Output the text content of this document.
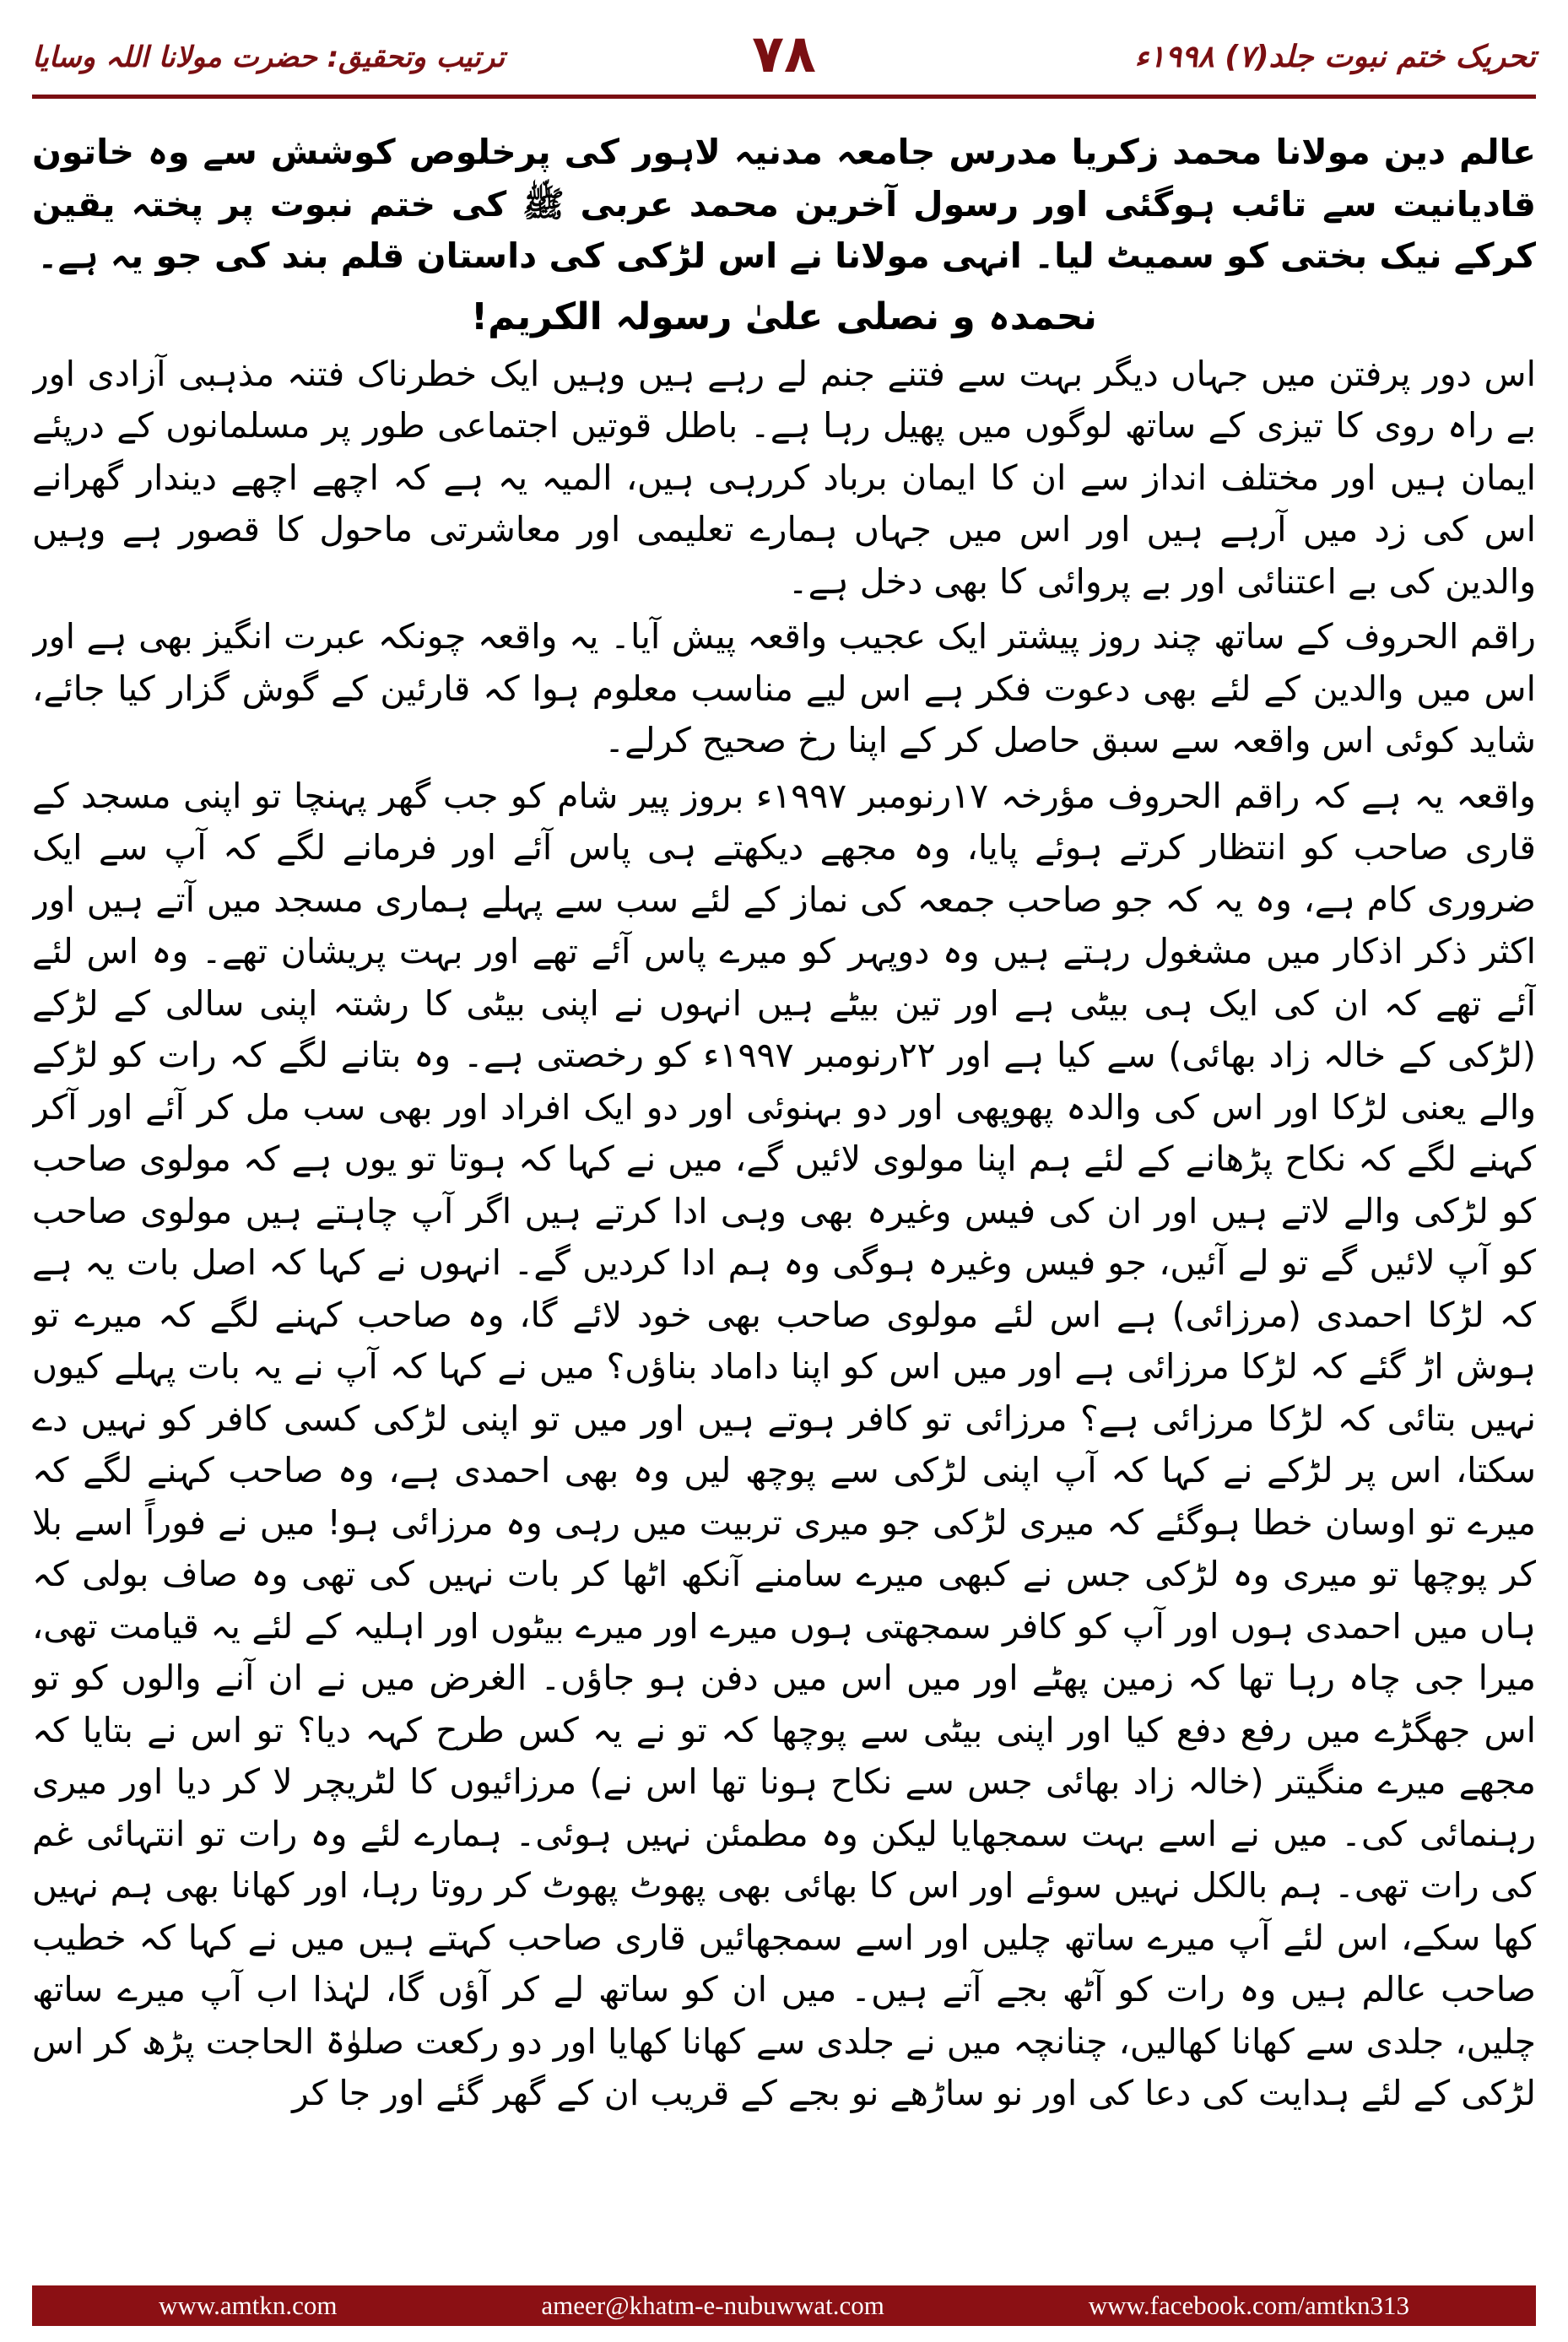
ترتیب وتحقیق: حضرت مولانا اللہ وسایا	۷۸	تحریک ختم نبوت جلد(۷) ۱۹۹۸ء

عالم دین مولانا محمد زکریا مدرس جامعہ مدنیہ لاہور کی پرخلوص کوشش سے وہ خاتون قادیانیت سے تائب ہوگئی اور رسول آخرین محمد عربی ﷺ کی ختم نبوت پر پختہ یقین کرکے نیک بختی کو سمیٹ لیا۔ انہی مولانا نے اس لڑکی کی داستان قلم بند کی جو یہ ہے۔

نحمدہ و نصلی علیٰ رسولہ الکریم!

اس دور پرفتن میں جہاں دیگر بہت سے فتنے جنم لے رہے ہیں وہیں ایک خطرناک فتنہ مذہبی آزادی اور بے راہ روی کا تیزی کے ساتھ لوگوں میں پھیل رہا ہے۔ باطل قوتیں اجتماعی طور پر مسلمانوں کے درپئے ایمان ہیں اور مختلف انداز سے ان کا ایمان برباد کررہی ہیں، المیہ یہ ہے کہ اچھے اچھے دیندار گھرانے اس کی زد میں آرہے ہیں اور اس میں جہاں ہمارے تعلیمی اور معاشرتی ماحول کا قصور ہے وہیں والدین کی بے اعتنائی اور بے پروائی کا بھی دخل ہے۔

راقم الحروف کے ساتھ چند روز پیشتر ایک عجیب واقعہ پیش آیا۔ یہ واقعہ چونکہ عبرت انگیز بھی ہے اور اس میں والدین کے لئے بھی دعوت فکر ہے اس لیے مناسب معلوم ہوا کہ قارئین کے گوش گزار کیا جائے، شاید کوئی اس واقعہ سے سبق حاصل کر کے اپنا رخ صحیح کرلے۔

واقعہ یہ ہے کہ راقم الحروف مؤرخہ ۱۷رنومبر ۱۹۹۷ء بروز پیر شام کو جب گھر پہنچا تو اپنی مسجد کے قاری صاحب کو انتظار کرتے ہوئے پایا، وہ مجھے دیکھتے ہی پاس آئے اور فرمانے لگے کہ آپ سے ایک ضروری کام ہے، وہ یہ کہ جو صاحب جمعہ کی نماز کے لئے سب سے پہلے ہماری مسجد میں آتے ہیں اور اکثر ذکر اذکار میں مشغول رہتے ہیں وہ دوپہر کو میرے پاس آئے تھے اور بہت پریشان تھے۔ وہ اس لئے آئے تھے کہ ان کی ایک ہی بیٹی ہے اور تین بیٹے ہیں انہوں نے اپنی بیٹی کا رشتہ اپنی سالی کے لڑکے (لڑکی کے خالہ زاد بھائی) سے کیا ہے اور ۲۲رنومبر ۱۹۹۷ء کو رخصتی ہے۔ وہ بتانے لگے کہ رات کو لڑکے والے یعنی لڑکا اور اس کی والدہ پھوپھی اور دو بہنوئی اور دو ایک افراد اور بھی سب مل کر آئے اور آکر کہنے لگے کہ نکاح پڑھانے کے لئے ہم اپنا مولوی لائیں گے، میں نے کہا کہ ہوتا تو یوں ہے کہ مولوی صاحب کو لڑکی والے لاتے ہیں اور ان کی فیس وغیرہ بھی وہی ادا کرتے ہیں اگر آپ چاہتے ہیں مولوی صاحب کو آپ لائیں گے تو لے آئیں، جو فیس وغیرہ ہوگی وہ ہم ادا کردیں گے۔ انہوں نے کہا کہ اصل بات یہ ہے کہ لڑکا احمدی (مرزائی) ہے اس لئے مولوی صاحب بھی خود لائے گا، وہ صاحب کہنے لگے کہ میرے تو ہوش اڑ گئے کہ لڑکا مرزائی ہے اور میں اس کو اپنا داماد بناؤں؟ میں نے کہا کہ آپ نے یہ بات پہلے کیوں نہیں بتائی کہ لڑکا مرزائی ہے؟ مرزائی تو کافر ہوتے ہیں اور میں تو اپنی لڑکی کسی کافر کو نہیں دے سکتا، اس پر لڑکے نے کہا کہ آپ اپنی لڑکی سے پوچھ لیں وہ بھی احمدی ہے، وہ صاحب کہنے لگے کہ میرے تو اوسان خطا ہوگئے کہ میری لڑکی جو میری تربیت میں رہی وہ مرزائی ہو! میں نے فوراً اسے بلا کر پوچھا تو میری وہ لڑکی جس نے کبھی میرے سامنے آنکھ اٹھا کر بات نہیں کی تھی وہ صاف بولی کہ ہاں میں احمدی ہوں اور آپ کو کافر سمجھتی ہوں میرے اور میرے بیٹوں اور اہلیہ کے لئے یہ قیامت تھی، میرا جی چاہ رہا تھا کہ زمین پھٹے اور میں اس میں دفن ہو جاؤں۔ الغرض میں نے ان آنے والوں کو تو اس جھگڑے میں رفع دفع کیا اور اپنی بیٹی سے پوچھا کہ تو نے یہ کس طرح کہہ دیا؟ تو اس نے بتایا کہ مجھے میرے منگیتر (خالہ زاد بھائی جس سے نکاح ہونا تھا اس نے) مرزائیوں کا لٹریچر لا کر دیا اور میری رہنمائی کی۔ میں نے اسے بہت سمجھایا لیکن وہ مطمئن نہیں ہوئی۔ ہمارے لئے وہ رات تو انتہائی غم کی رات تھی۔ ہم بالکل نہیں سوئے اور اس کا بھائی بھی پھوٹ پھوٹ کر روتا رہا، اور کھانا بھی ہم نہیں کھا سکے، اس لئے آپ میرے ساتھ چلیں اور اسے سمجھائیں قاری صاحب کہتے ہیں میں نے کہا کہ خطیب صاحب عالم ہیں وہ رات کو آٹھ بجے آتے ہیں۔ میں ان کو ساتھ لے کر آؤں گا، لہٰذا اب آپ میرے ساتھ چلیں، جلدی سے کھانا کھالیں، چنانچہ میں نے جلدی سے کھانا کھایا اور دو رکعت صلوٰۃ الحاجت پڑھ کر اس لڑکی کے لئے ہدایت کی دعا کی اور نو ساڑھے نو بجے کے قریب ان کے گھر گئے اور جا کر

www.amtkn.com	ameer@khatm-e-nubuwwat.com	www.facebook.com/amtkn313
